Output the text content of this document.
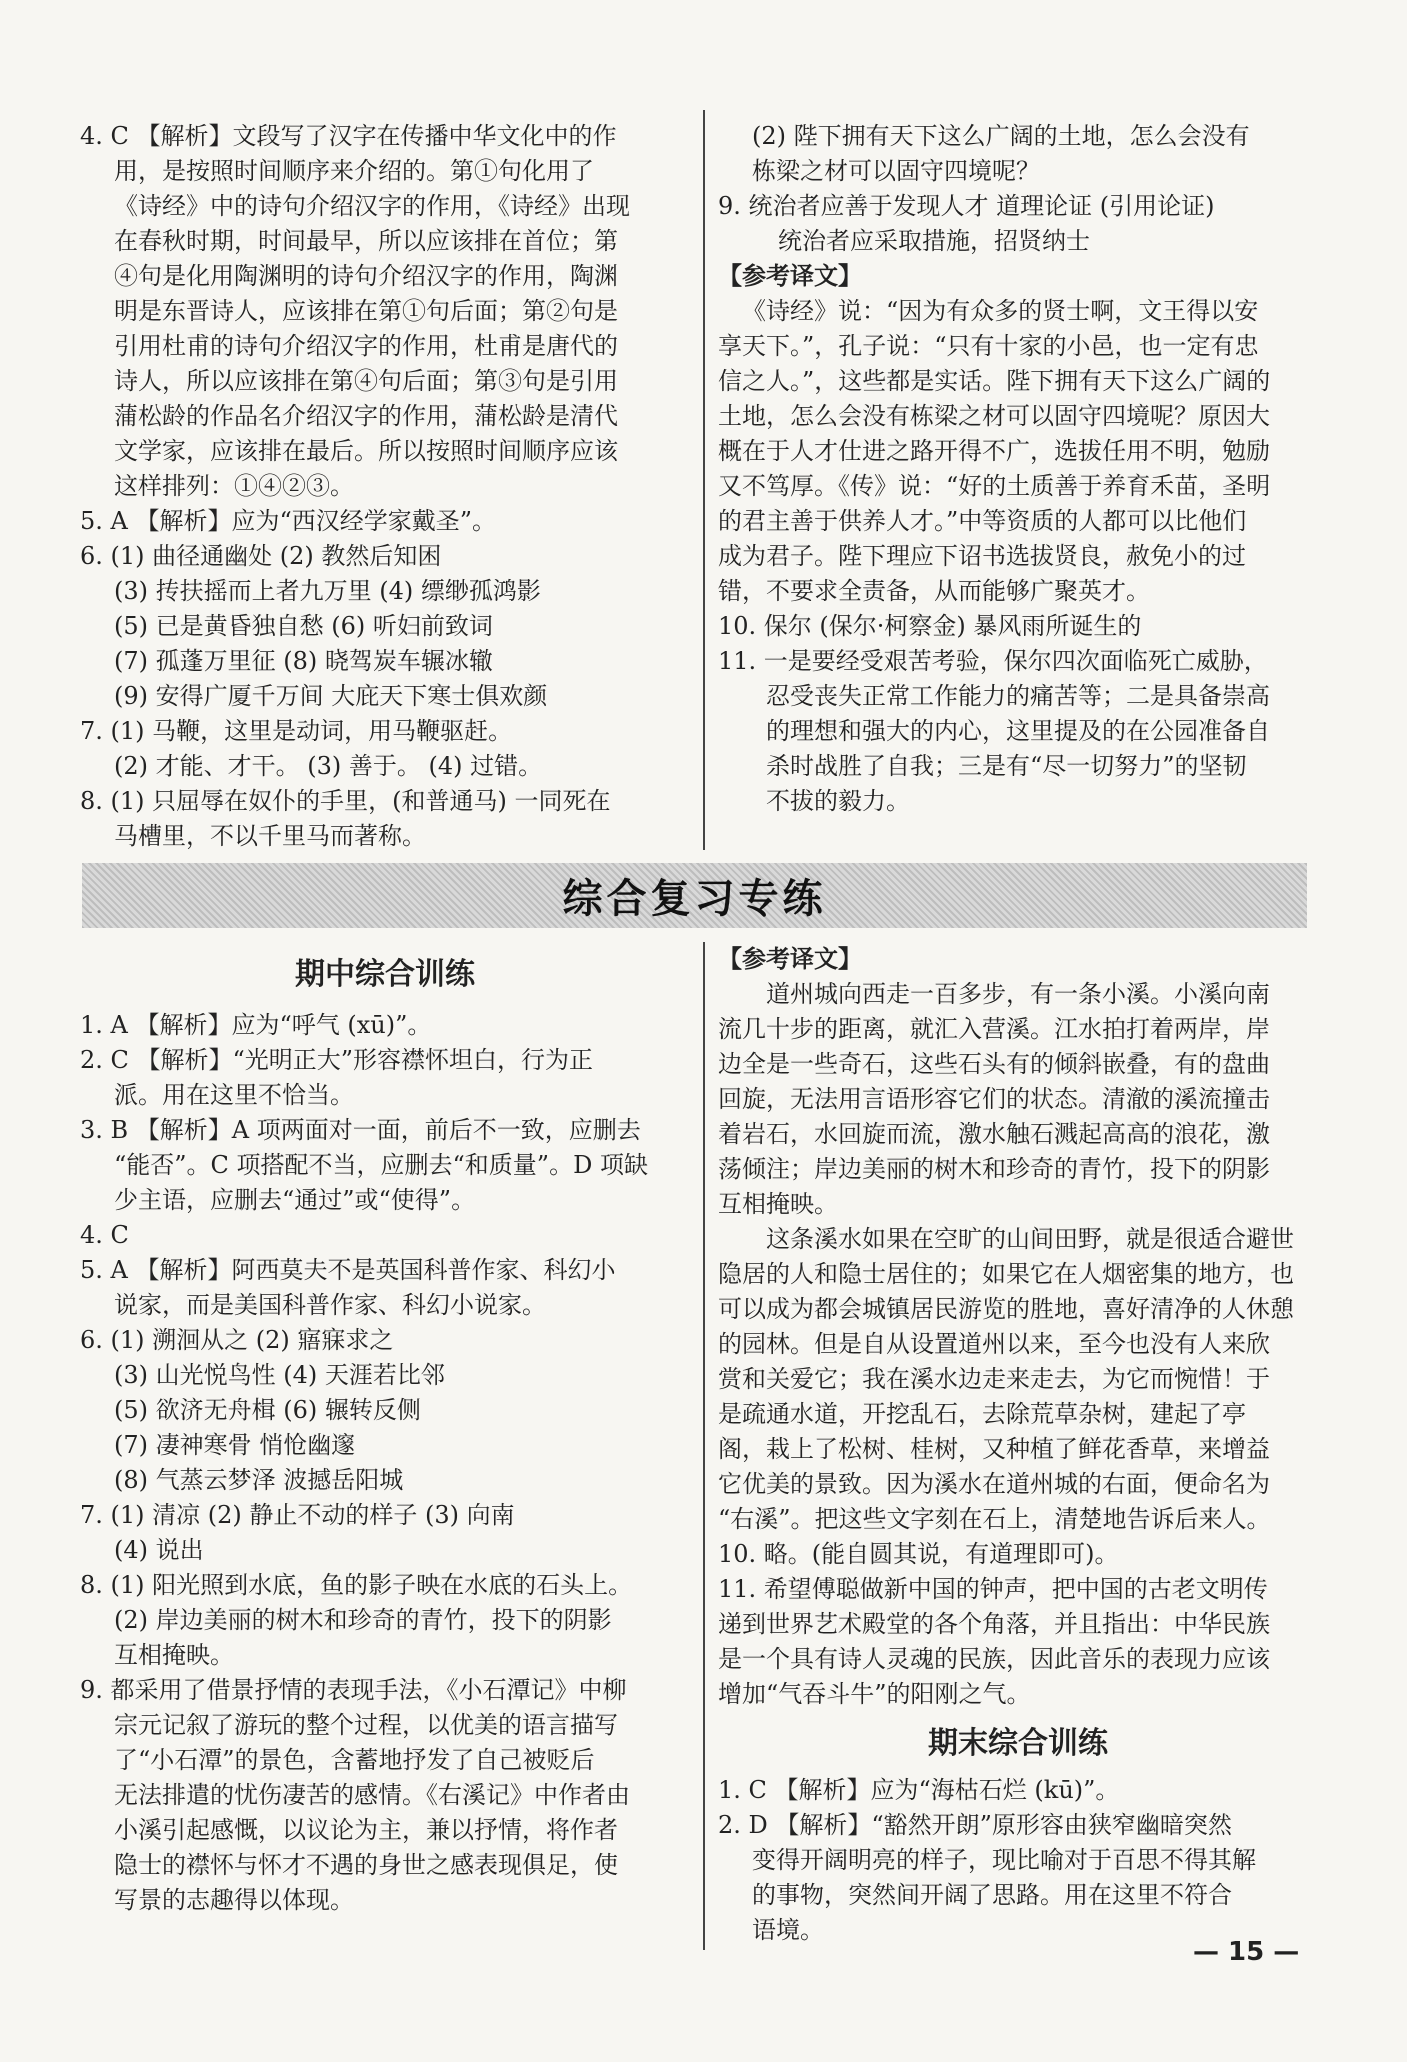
4. C 【解析】文段写了汉字在传播中华文化中的作
用，是按照时间顺序来介绍的。第①句化用了
《诗经》中的诗句介绍汉字的作用，《诗经》出现
在春秋时期，时间最早，所以应该排在首位；第
④句是化用陶渊明的诗句介绍汉字的作用，陶渊
明是东晋诗人，应该排在第①句后面；第②句是
引用杜甫的诗句介绍汉字的作用，杜甫是唐代的
诗人，所以应该排在第④句后面；第③句是引用
蒲松龄的作品名介绍汉字的作用，蒲松龄是清代
文学家，应该排在最后。所以按照时间顺序应该
这样排列：①④②③。
5. A 【解析】应为“西汉经学家戴圣”。
6. (1) 曲径通幽处 (2) 教然后知困
(3) 抟扶摇而上者九万里 (4) 缥缈孤鸿影
(5) 已是黄昏独自愁 (6) 听妇前致词
(7) 孤蓬万里征 (8) 晓驾炭车辗冰辙
(9) 安得广厦千万间 大庇天下寒士俱欢颜
7. (1) 马鞭，这里是动词，用马鞭驱赶。
(2) 才能、才干。 (3) 善于。 (4) 过错。
8. (1) 只屈辱在奴仆的手里，(和普通马) 一同死在
马槽里，不以千里马而著称。
(2) 陛下拥有天下这么广阔的土地，怎么会没有
栋梁之材可以固守四境呢？
9. 统治者应善于发现人才 道理论证 (引用论证)
统治者应采取措施，招贤纳士
【参考译文】
《诗经》说：“因为有众多的贤士啊，文王得以安
享天下。”，孔子说：“只有十家的小邑，也一定有忠
信之人。”，这些都是实话。陛下拥有天下这么广阔的
土地，怎么会没有栋梁之材可以固守四境呢？原因大
概在于人才仕进之路开得不广，选拔任用不明，勉励
又不笃厚。《传》说：“好的土质善于养育禾苗，圣明
的君主善于供养人才。”中等资质的人都可以比他们
成为君子。陛下理应下诏书选拔贤良，赦免小的过
错，不要求全责备，从而能够广聚英才。
10. 保尔 (保尔·柯察金) 暴风雨所诞生的
11. 一是要经受艰苦考验，保尔四次面临死亡威胁，
忍受丧失正常工作能力的痛苦等；二是具备崇高
的理想和强大的内心，这里提及的在公园准备自
杀时战胜了自我；三是有“尽一切努力”的坚韧
不拔的毅力。
综合复习专练
期中综合训练
1. A 【解析】应为“呼气 (xū)”。
2. C 【解析】“光明正大”形容襟怀坦白，行为正
派。用在这里不恰当。
3. B 【解析】A 项两面对一面，前后不一致，应删去
“能否”。C 项搭配不当，应删去“和质量”。D 项缺
少主语，应删去“通过”或“使得”。
4. C
5. A 【解析】阿西莫夫不是英国科普作家、科幻小
说家，而是美国科普作家、科幻小说家。
6. (1) 溯洄从之 (2) 寤寐求之
(3) 山光悦鸟性 (4) 天涯若比邻
(5) 欲济无舟楫 (6) 辗转反侧
(7) 凄神寒骨 悄怆幽邃
(8) 气蒸云梦泽 波撼岳阳城
7. (1) 清凉 (2) 静止不动的样子 (3) 向南
(4) 说出
8. (1) 阳光照到水底，鱼的影子映在水底的石头上。
(2) 岸边美丽的树木和珍奇的青竹，投下的阴影
互相掩映。
9. 都采用了借景抒情的表现手法，《小石潭记》中柳
宗元记叙了游玩的整个过程，以优美的语言描写
了“小石潭”的景色，含蓄地抒发了自己被贬后
无法排遣的忧伤凄苦的感情。《右溪记》中作者由
小溪引起感慨，以议论为主，兼以抒情，将作者
隐士的襟怀与怀才不遇的身世之感表现俱足，使
写景的志趣得以体现。
【参考译文】
道州城向西走一百多步，有一条小溪。小溪向南
流几十步的距离，就汇入营溪。江水拍打着两岸，岸
边全是一些奇石，这些石头有的倾斜嵌叠，有的盘曲
回旋，无法用言语形容它们的状态。清澈的溪流撞击
着岩石，水回旋而流，激水触石溅起高高的浪花，激
荡倾注；岸边美丽的树木和珍奇的青竹，投下的阴影
互相掩映。
这条溪水如果在空旷的山间田野，就是很适合避世
隐居的人和隐士居住的；如果它在人烟密集的地方，也
可以成为都会城镇居民游览的胜地，喜好清净的人休憩
的园林。但是自从设置道州以来，至今也没有人来欣
赏和关爱它；我在溪水边走来走去，为它而惋惜！于
是疏通水道，开挖乱石，去除荒草杂树，建起了亭
阁，栽上了松树、桂树，又种植了鲜花香草，来增益
它优美的景致。因为溪水在道州城的右面，便命名为
“右溪”。把这些文字刻在石上，清楚地告诉后来人。
10. 略。(能自圆其说，有道理即可)。
11. 希望傅聪做新中国的钟声，把中国的古老文明传
递到世界艺术殿堂的各个角落，并且指出：中华民族
是一个具有诗人灵魂的民族，因此音乐的表现力应该
增加“气吞斗牛”的阳刚之气。
期末综合训练
1. C 【解析】应为“海枯石烂 (kū)”。
2. D 【解析】“豁然开朗”原形容由狭窄幽暗突然
变得开阔明亮的样子，现比喻对于百思不得其解
的事物，突然间开阔了思路。用在这里不符合
语境。
— 15 —
